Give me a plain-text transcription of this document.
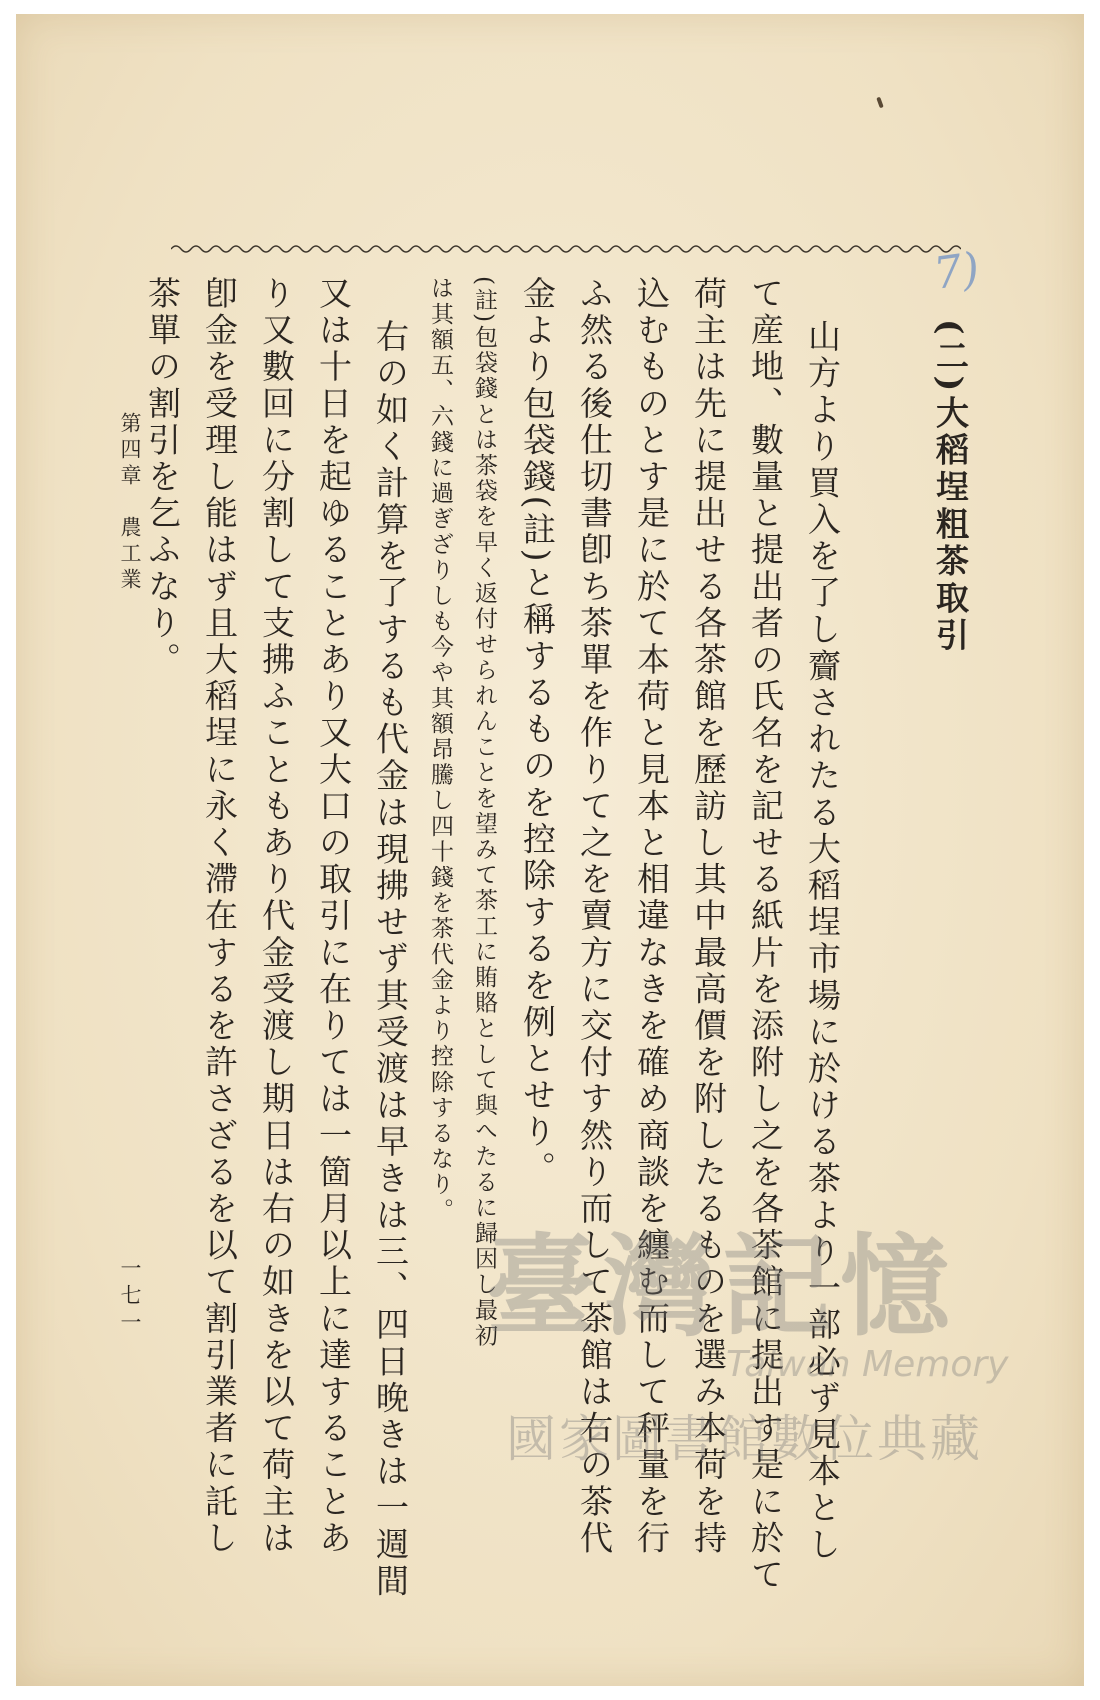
7)
(二)大稻埕粗茶取引
山方より買入を了し齎されたる大稻埕市場に於ける茶より一部必ず見本とし
て産地、數量と提出者の氏名を記せる紙片を添附し之を各茶館に提出す是に於て
荷主は先に提出せる各茶館を歷訪し其中最高價を附したるものを選み本荷を持
込むものとす是に於て本荷と見本と相違なきを確め商談を纏む而して秤量を行
ふ然る後仕切書卽ち茶單を作りて之を賣方に交付す然り而して茶館は右の茶代
金より包袋錢(註)と稱するものを控除するを例とせり。
(註)包袋錢とは茶袋を早く返付せられんことを望みて茶工に賄賂として與へたるに歸因し最初
は其額五、六錢に過ぎざりしも今や其額昂騰し四十錢を茶代金より控除するなり。
右の如く計算を了するも代金は現拂せず其受渡は早きは三、四日晚きは一週間
又は十日を起ゆることあり又大口の取引に在りては一箇月以上に達することあ
り又數回に分割して支拂ふこともあり代金受渡し期日は右の如きを以て荷主は
卽金を受理し能はず且大稻埕に永く滯在するを許さざるを以て割引業者に託し
茶單の割引を乞ふなり。
第四章　農工業
一七一	臺灣記憶
Taiwan Memory
國家圖書館數位典藏
